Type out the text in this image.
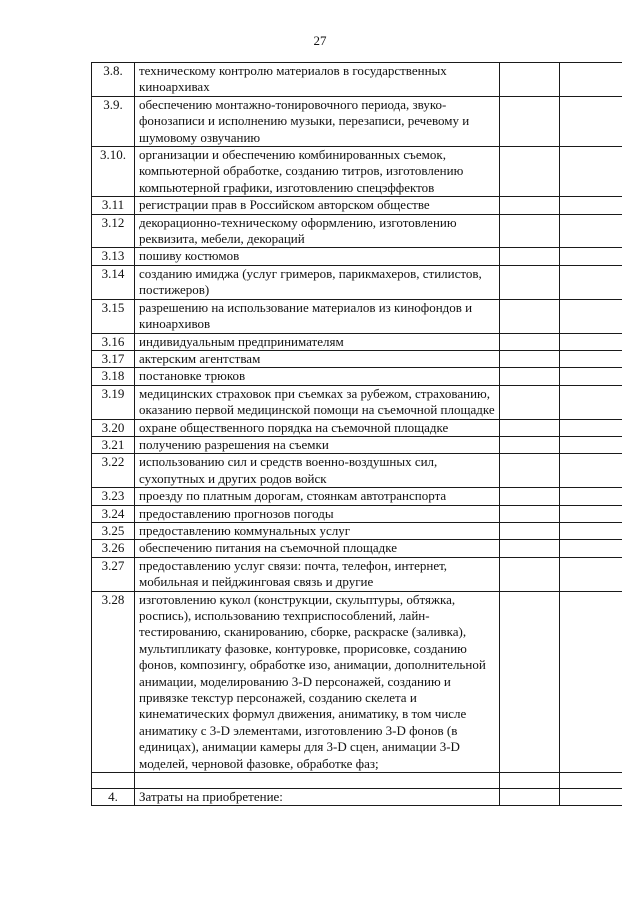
27
3.8.	техническому контролю материалов в государственных киноархивах		
3.9.	обеспечению монтажно-тонировочного периода, звуко-фонозаписи и исполнению музыки, перезаписи, речевому и шумовому озвучанию		
3.10.	организации и обеспечению комбинированных съемок, компьютерной обработке, созданию титров, изготовлению компьютерной графики, изготовлению спецэффектов		
3.11	регистрации прав в Российском авторском обществе		
3.12	декорационно-техническому оформлению, изготовлению реквизита, мебели, декораций		
3.13	пошиву костюмов		
3.14	созданию имиджа (услуг гримеров, парикмахеров, стилистов, постижеров)		
3.15	разрешению на использование материалов из кинофондов и киноархивов		
3.16	индивидуальным предпринимателям		
3.17	актерским агентствам		
3.18	постановке трюков		
3.19	медицинских страховок при съемках за рубежом, страхованию, оказанию первой медицинской помощи на съемочной площадке		
3.20	охране общественного порядка на съемочной площадке		
3.21	получению разрешения на съемки		
3.22	использованию сил и средств военно-воздушных сил, сухопутных и других родов войск		
3.23	проезду по платным дорогам, стоянкам автотранспорта		
3.24	предоставлению прогнозов погоды		
3.25	предоставлению коммунальных услуг		
3.26	обеспечению питания на съемочной площадке		
3.27	предоставлению услуг связи: почта, телефон, интернет, мобильная и пейджинговая связь и другие		
3.28	изготовлению кукол (конструкции, скульптуры, обтяжка, роспись), использованию техприспособлений, лайн-тестированию, сканированию, сборке, раскраске (заливка), мультипликату фазовке, контуровке, прорисовке, созданию фонов, композингу, обработке изо, анимации, дополнительной анимации, моделированию 3-D персонажей, созданию и привязке текстур персонажей, созданию скелета и кинематических формул движения, аниматику, в том числе аниматику с 3-D элементами, изготовлению 3-D фонов (в единицах), анимации камеры для 3-D сцен, анимации 3-D моделей, черновой фазовке, обработке фаз;		

4.	Затраты на приобретение:		
